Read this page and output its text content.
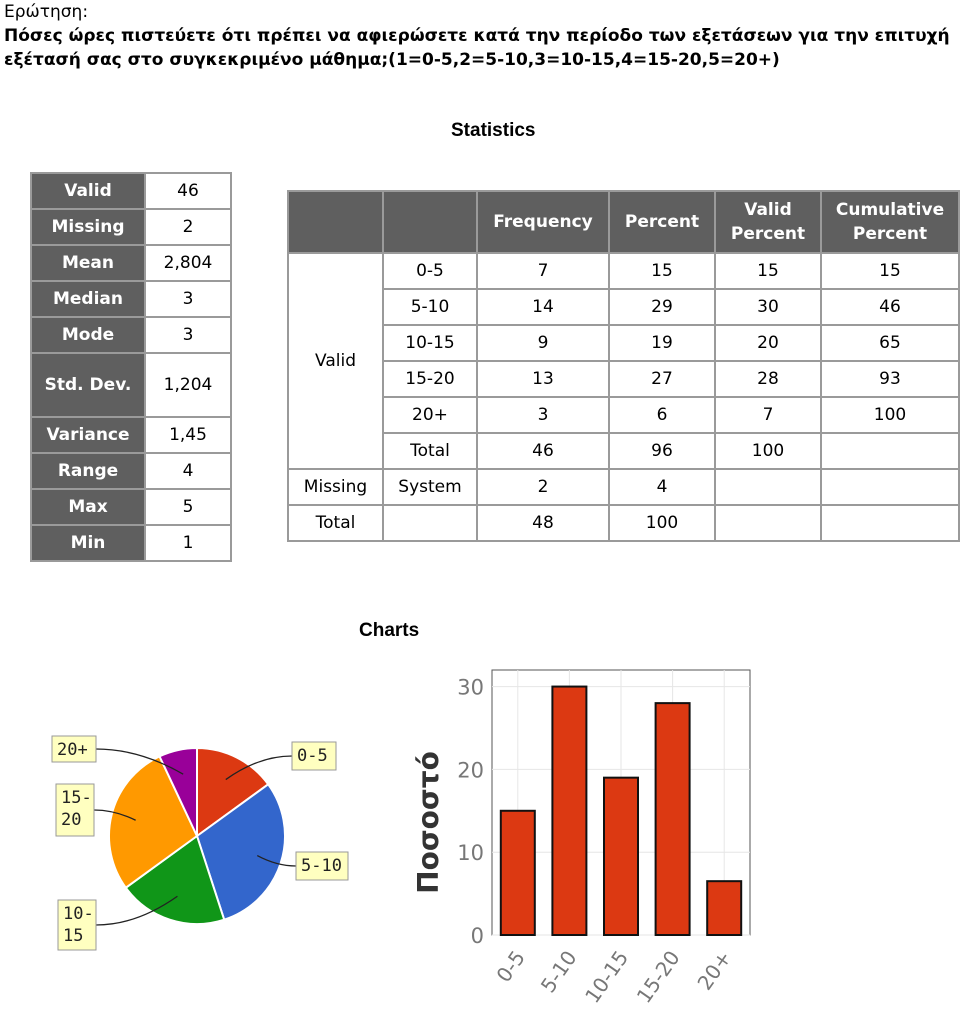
Ερώτηση:
Πόσες ώρες πιστεύετε ότι πρέπει να αφιερώσετε κατά την περίοδο των εξετάσεων για την επιτυχή εξέτασή σας στο συγκεκριμένο μάθημα;(1=0-5,2=5-10,3=10-15,4=15-20,5=20+)
Statistics
Valid	46
Missing	2
Mean	2,804
Median	3
Mode	3
Std. Dev.	1,204
Variance	1,45
Range	4
Max	5
Min	1
		Frequency	Percent	Valid Percent	Cumulative Percent
Valid	0-5	7	15	15	15
	5-10	14	29	30	46
	10-15	9	19	20	65
	15-20	13	27	28	93
	20+	3	6	7	100
	Total	46	96	100	
Missing	System	2	4		
Total		48	100		
Charts
0-5
5-10
10-15
15-20
20+
0-5 5-10
10-15
15-20 20+
0
10
20
30
Ποσοστό
